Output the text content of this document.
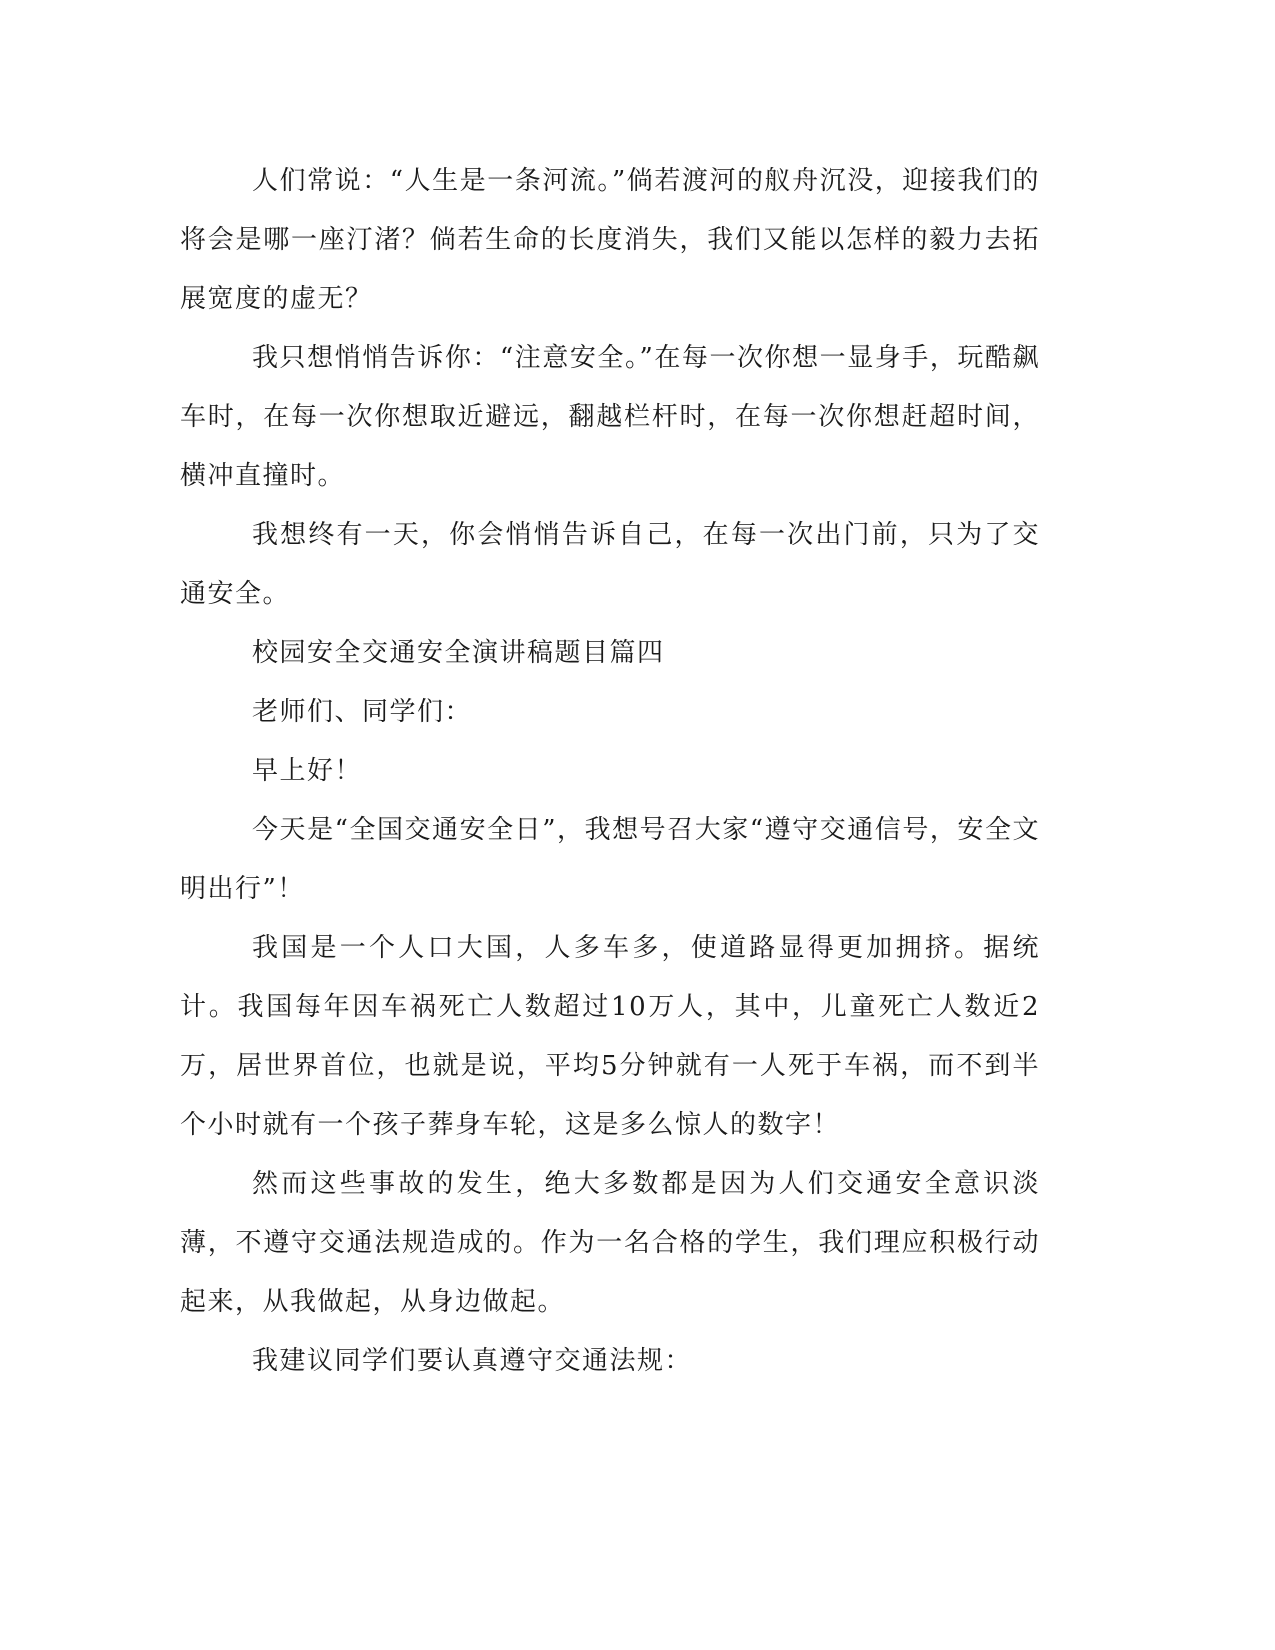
人们常说：“人生是一条河流。”倘若渡河的舣舟沉没，迎接我们的将会是哪一座汀渚？倘若生命的长度消失，我们又能以怎样的毅力去拓展宽度的虚无？

我只想悄悄告诉你：“注意安全。”在每一次你想一显身手，玩酷飙车时，在每一次你想取近避远，翻越栏杆时，在每一次你想赶超时间，横冲直撞时。

我想终有一天，你会悄悄告诉自己，在每一次出门前，只为了交通安全。

校园安全交通安全演讲稿题目篇四

老师们、同学们：

早上好！

今天是“全国交通安全日”，我想号召大家“遵守交通信号，安全文明出行”！

我国是一个人口大国，人多车多，使道路显得更加拥挤。据统计。我国每年因车祸死亡人数超过10万人，其中，儿童死亡人数近2万，居世界首位，也就是说，平均5分钟就有一人死于车祸，而不到半个小时就有一个孩子葬身车轮，这是多么惊人的数字！

然而这些事故的发生，绝大多数都是因为人们交通安全意识淡薄，不遵守交通法规造成的。作为一名合格的学生，我们理应积极行动起来，从我做起，从身边做起。

我建议同学们要认真遵守交通法规：
